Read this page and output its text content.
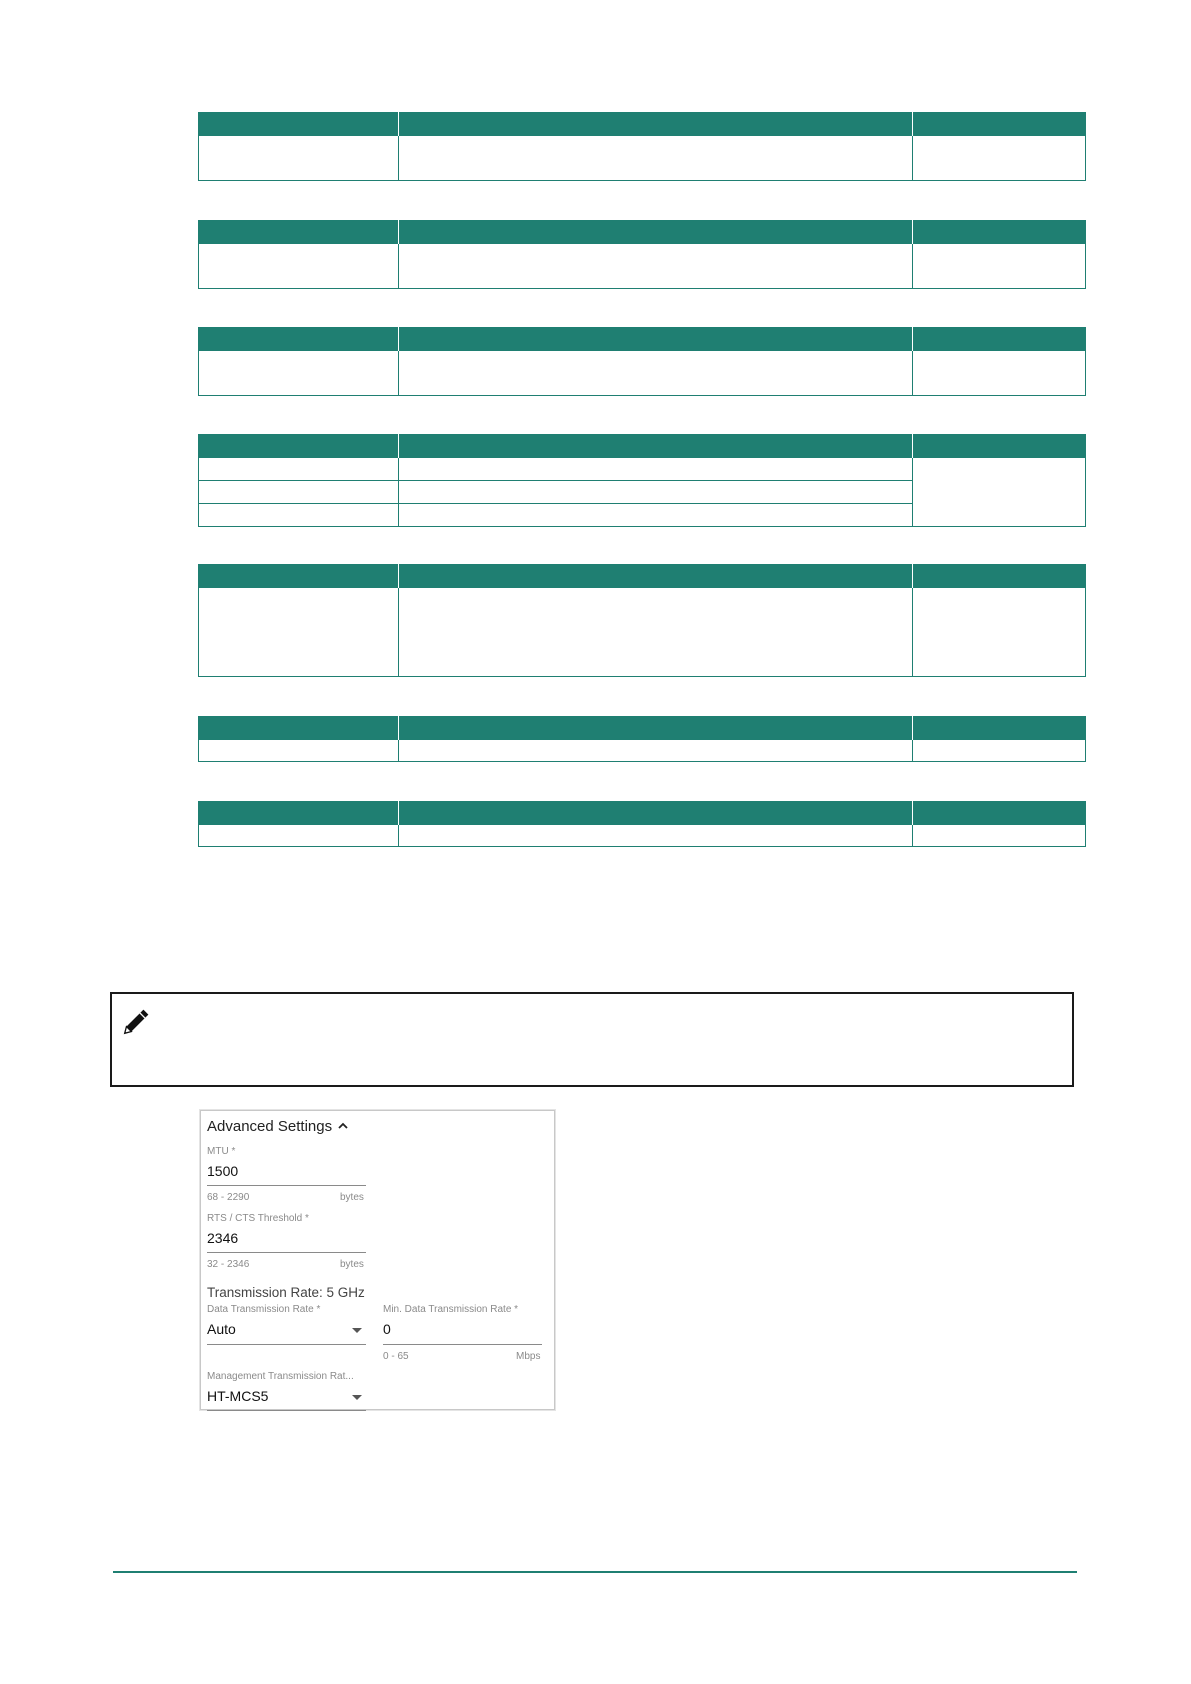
Advanced Settings
MTU *
1500
68 - 2290	bytes
RTS / CTS Threshold *
2346
32 - 2346	bytes
Transmission Rate: 5 GHz
Data Transmission Rate *
Auto
Min. Data Transmission Rate *
0
0 - 65	Mbps
Management Transmission Rat...
HT-MCS5
